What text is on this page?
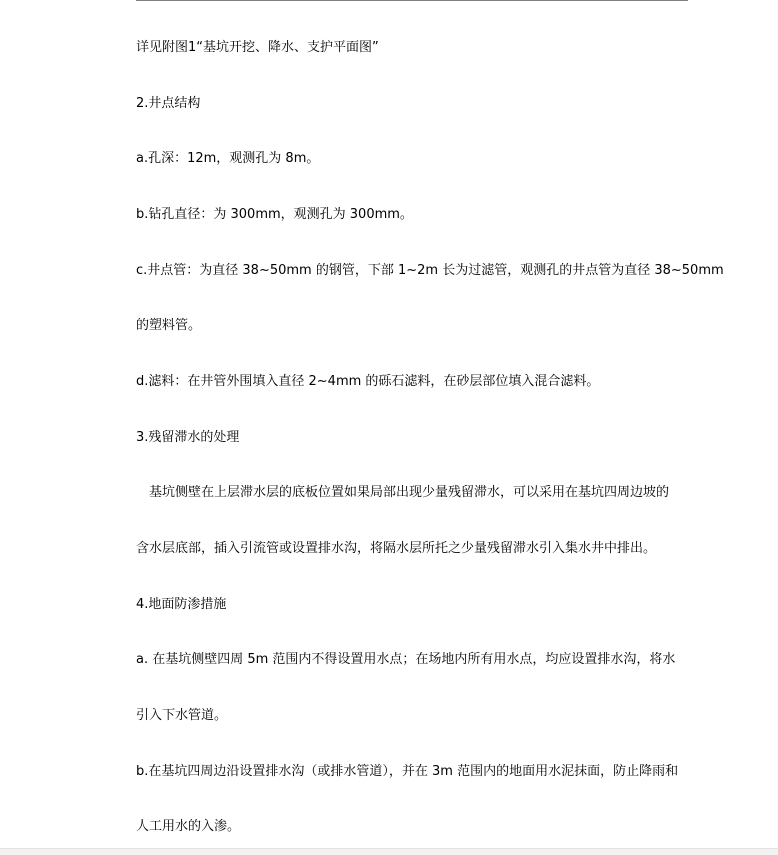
详见附图1“基坑开挖、降水、支护平面图”
2.井点结构
a.孔深：12m，观测孔为 8m。
b.钻孔直径：为 300mm，观测孔为 300mm。
c.井点管：为直径 38~50mm 的钢管，下部 1~2m 长为过滤管，观测孔的井点管为直径 38~50mm
的塑料管。
d.滤料：在井管外围填入直径 2~4mm 的砾石滤料，在砂层部位填入混合滤料。
3.残留滞水的处理
　基坑侧壁在上层滞水层的底板位置如果局部出现少量残留滞水，可以采用在基坑四周边坡的
含水层底部，插入引流管或设置排水沟，将隔水层所托之少量残留滞水引入集水井中排出。
4.地面防渗措施
a. 在基坑侧壁四周 5m 范围内不得设置用水点；在场地内所有用水点，均应设置排水沟，将水
引入下水管道。
b.在基坑四周边沿设置排水沟（或排水管道），并在 3m 范围内的地面用水泥抹面，防止降雨和
人工用水的入渗。
